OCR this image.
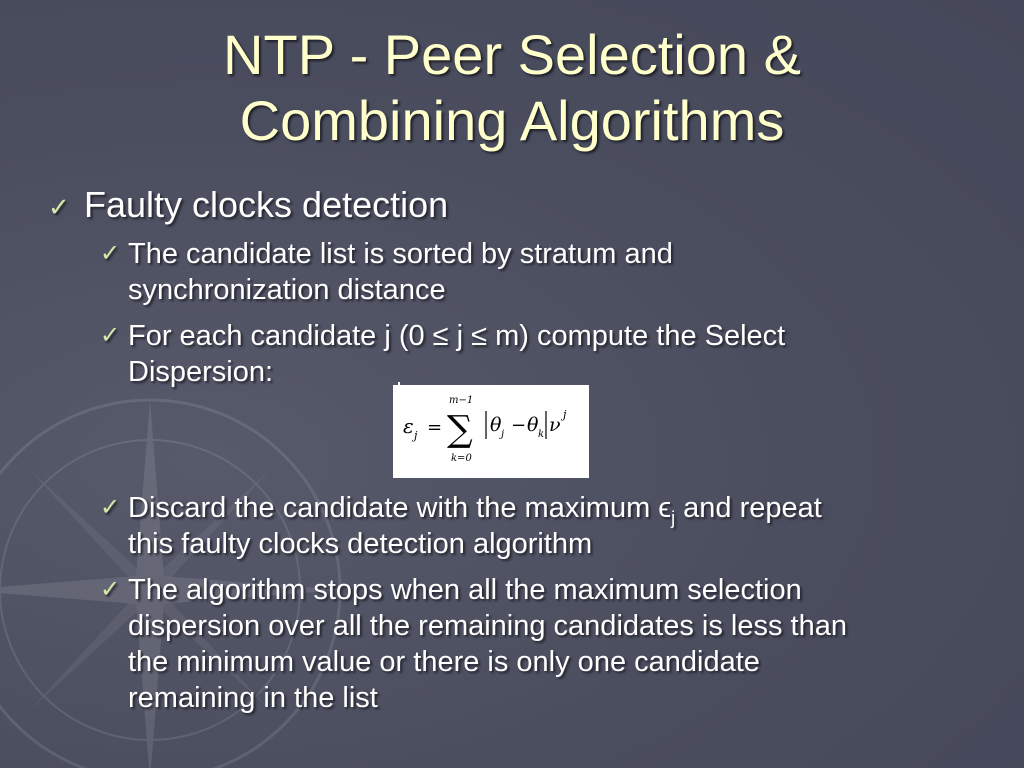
NTP - Peer Selection &
Combining Algorithms
✓ Faulty clocks detection
✓ The candidate list is sorted by stratum and
synchronization distance
✓ For each candidate j (0 ≤ j ≤ m) compute the Select
Dispersion:
ε j =
m−1
∑
k=0
θ j − θ k ν j
✓ Discard the candidate with the maximum $\epsilon_j$ and repeat
this faulty clocks detection algorithm
✓ The algorithm stops when all the maximum selection
dispersion over all the remaining candidates is less than
the minimum value or there is only one candidate
remaining in the list
